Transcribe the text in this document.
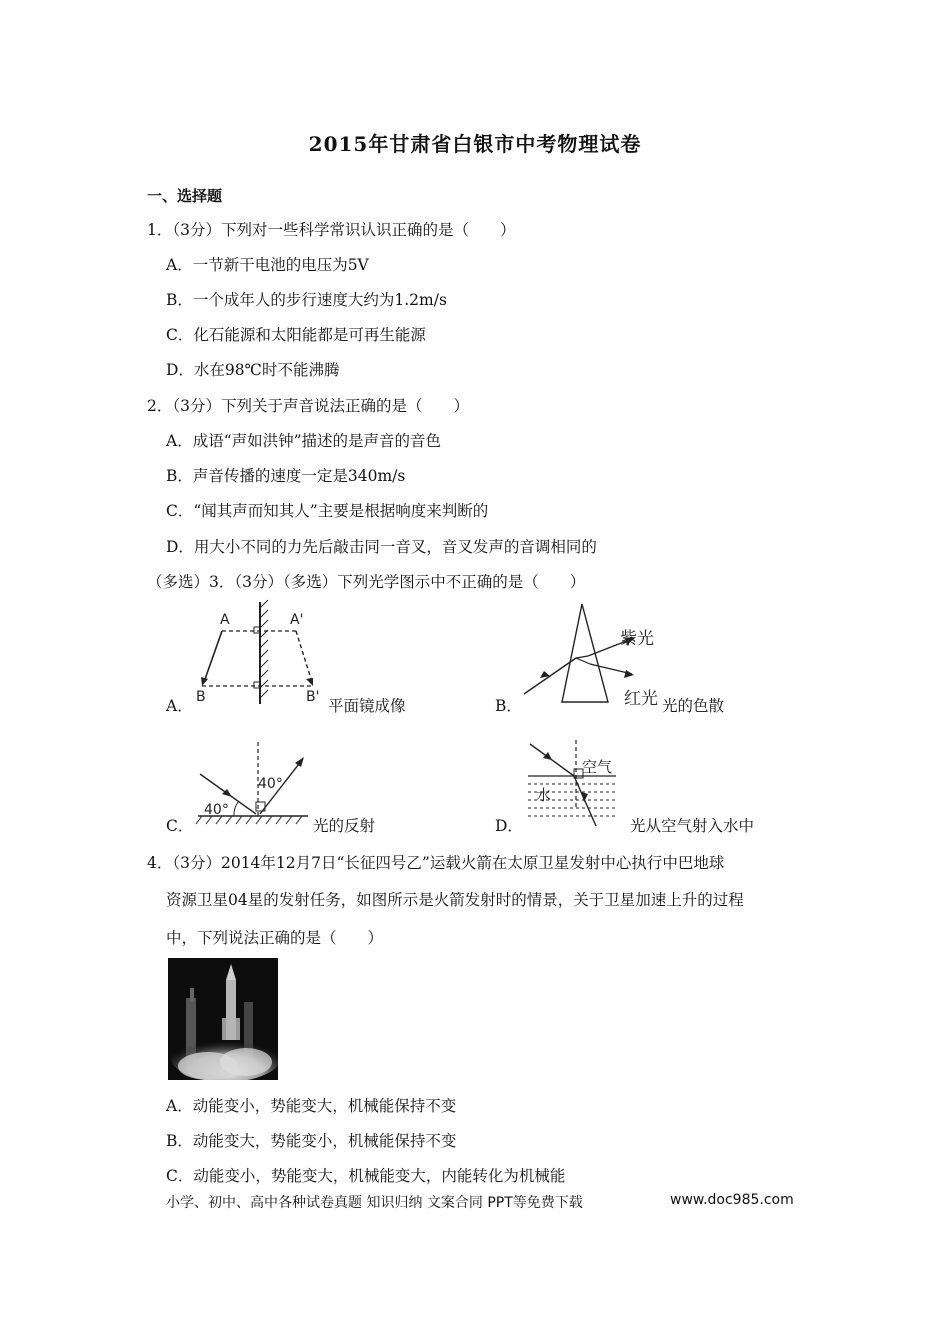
2015年甘肃省白银市中考物理试卷
一、选择题
1．（3分）下列对一些科学常识认识正确的是（　　）
A．一节新干电池的电压为5V
B．一个成年人的步行速度大约为1.2m/s
C．化石能源和太阳能都是可再生能源
D．水在98℃时不能沸腾
2．（3分）下列关于声音说法正确的是（　　）
A．成语“声如洪钟”描述的是声音的音色
B．声音传播的速度一定是340m/s
C．“闻其声而知其人”主要是根据响度来判断的
D．用大小不同的力先后敲击同一音叉，音叉发声的音调相同的
（多选）3．（3分）（多选）下列光学图示中不正确的是（　　）
A．
A	A'
B	B' 平面镜成像	B．
紫光
红光 光的色散
C．
40°
40°
光的反射	D．
空气
水
光从空气射入水中
4．（3分）2014年12月7日“长征四号乙”运载火箭在太原卫星发射中心执行中巴地球
资源卫星04星的发射任务，如图所示是火箭发射时的情景，关于卫星加速上升的过程
中，下列说法正确的是（　　）
A．动能变小，势能变大，机械能保持不变
B．动能变大，势能变小，机械能保持不变
C．动能变小，势能变大，机械能变大，内能转化为机械能
小学、初中、高中各种试卷真题 知识归纳 文案合同 PPT等免费下载	www.doc985.com
